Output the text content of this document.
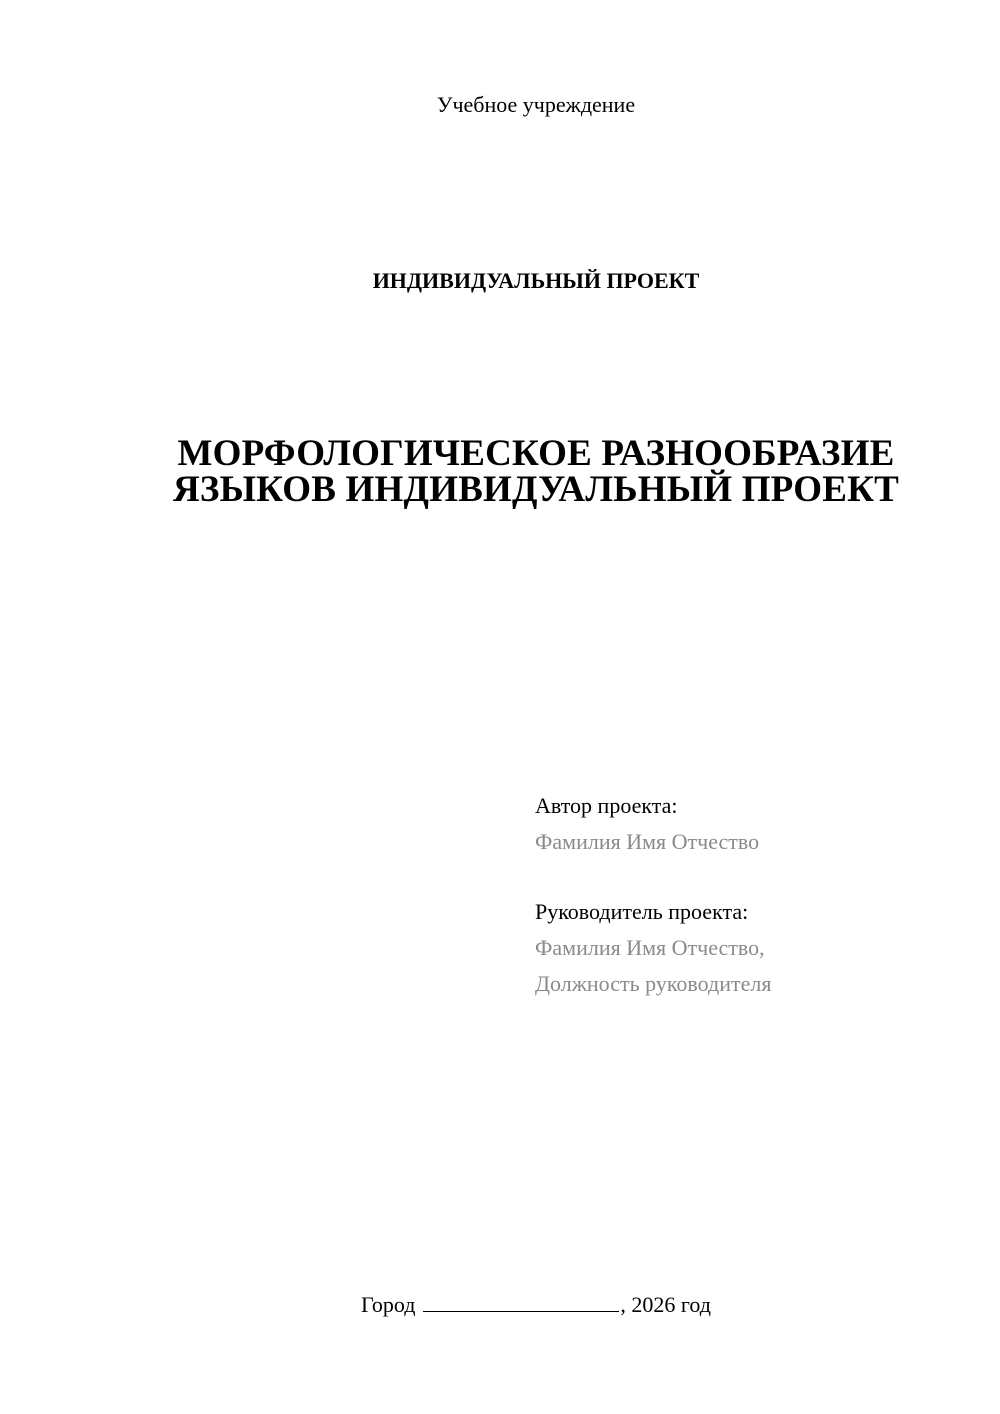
Учебное учреждение
ИНДИВИДУАЛЬНЫЙ ПРОЕКТ
МОРФОЛОГИЧЕСКОЕ РАЗНООБРАЗИЕ
ЯЗЫКОВ ИНДИВИДУАЛЬНЫЙ ПРОЕКТ
Автор проекта:
Фамилия Имя Отчество
Руководитель проекта:
Фамилия Имя Отчество,
Должность руководителя
Город	, 2026 год
